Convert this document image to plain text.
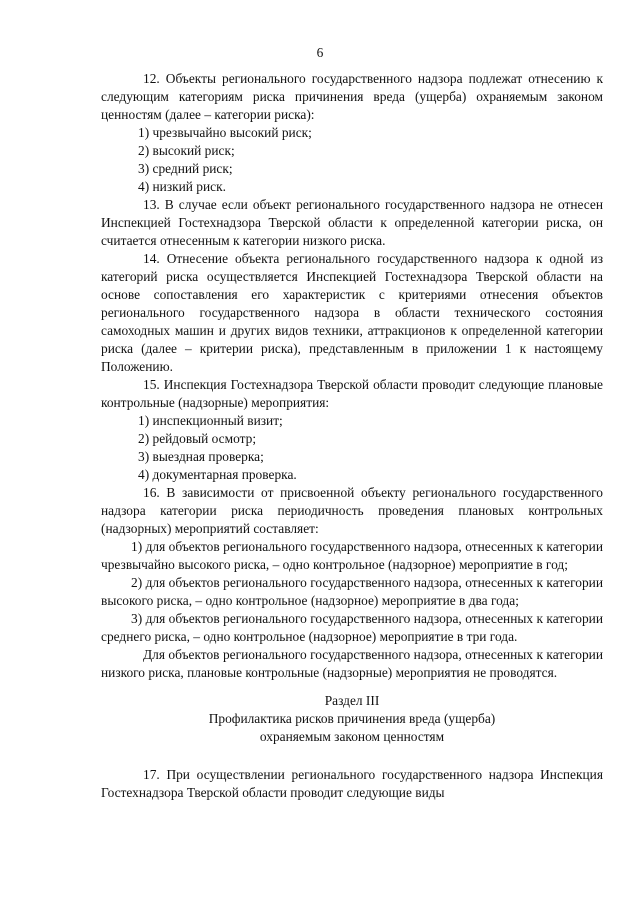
6

12. Объекты регионального государственного надзора подлежат отнесению к следующим категориям риска причинения вреда (ущерба) охраняемым законом ценностям (далее – категории риска):

1) чрезвычайно высокий риск;

2) высокий риск;

3) средний риск;

4) низкий риск.

13. В случае если объект регионального государственного надзора не отнесен Инспекцией Гостехнадзора Тверской области к определенной категории риска, он считается отнесенным к категории низкого риска.

14. Отнесение объекта регионального государственного надзора к одной из категорий риска осуществляется Инспекцией Гостехнадзора Тверской области на основе сопоставления его характеристик с критериями отнесения объектов регионального государственного надзора в области технического состояния самоходных машин и других видов техники, аттракционов к определенной категории риска (далее – критерии риска), представленным в приложении 1 к настоящему Положению.

15. Инспекция Гостехнадзора Тверской области проводит следующие плановые контрольные (надзорные) мероприятия:

1) инспекционный визит;

2) рейдовый осмотр;

3) выездная проверка;

4) документарная проверка.

16. В зависимости от присвоенной объекту регионального государственного надзора категории риска периодичность проведения плановых контрольных (надзорных) мероприятий составляет:

1) для объектов регионального государственного надзора, отнесенных к категории чрезвычайно высокого риска, – одно контрольное (надзорное) мероприятие в год;

2) для объектов регионального государственного надзора, отнесенных к категории высокого риска, – одно контрольное (надзорное) мероприятие в два года;

3) для объектов регионального государственного надзора, отнесенных к категории среднего риска, – одно контрольное (надзорное) мероприятие в три года.

Для объектов регионального государственного надзора, отнесенных к категории низкого риска, плановые контрольные (надзорные) мероприятия не проводятся.

Раздел III

Профилактика рисков причинения вреда (ущерба)

охраняемым законом ценностям

17. При осуществлении регионального государственного надзора Инспекция Гостехнадзора Тверской области проводит следующие виды
